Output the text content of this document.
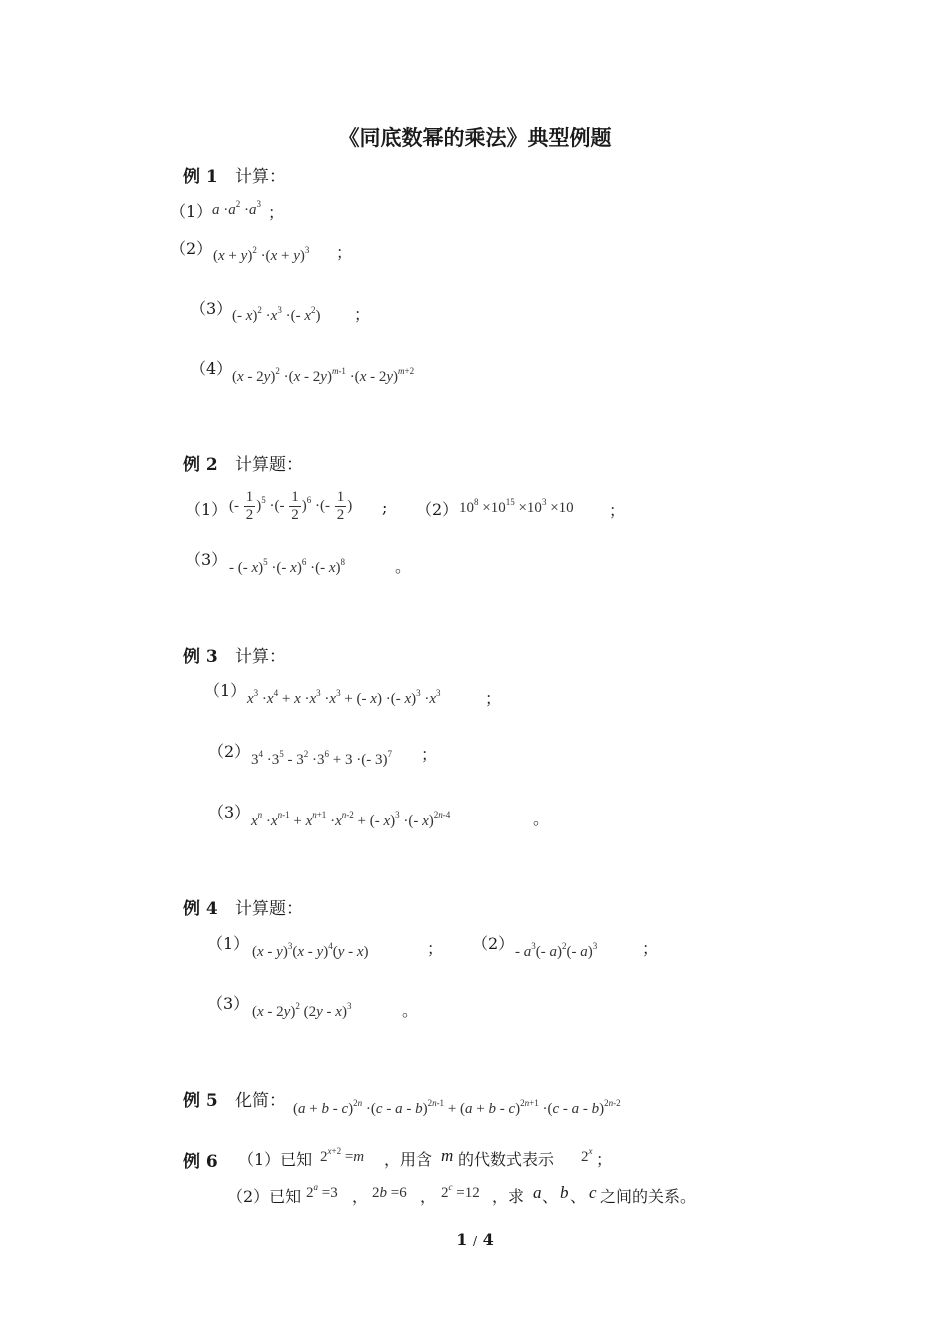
《同底数幂的乘法》典型例题
例 1 计算：
（1） $a \cdot a^2 \cdot a^3$ ；
（2） $(x + y)^2 \cdot(x + y)^3$ ；
（3） (- $x)^2 \cdot x^3$ ·(- $x^2$) ；
（4） (x - 2y)$^2$ ·(x - 2y)$^{m-1}$ ·(x - 2y)$^{m+2}$
例 2 计算题：
（1） (- $\frac{1}{2} )^5$ ·(- $\frac{1}{2} )^6$ ·(- $\frac{1}{2}$ ) ; （2） $10^8 \times 10^{15} \times 10^3 \times 10$ ；
（3） - (- x)$^5$ ·(- x)$^6$ ·(- x)$^8$	。
例 3 计算：
（1） $x^3 \cdot x^4 + x \cdot x^3 \cdot x^3$ + (- x) ·(- $x)^3 \cdot x^3$	；
（2） $3^4 \cdot 3^5 - 3^2 \cdot 3^6 + 3$ ·(- 3)$^7$ ；
（3） $x^n \cdot x^{n-1} + x^{n+1} \cdot x^{n-2}$ + (- x)$^3$ ·(- x)$^{2n-4}$	。
例 4 计算题：
（1） (x - y)$^3$(x - y)$^4$(y - x)	； $(2) - a^3(-$ a)$^2$(- a)$^3$	；
（3） (x - 2y)$^2$ (2y - x)$^3$	。
例 5 化简： $(a + b - c)^{2n} \cdot(c - a - b)^{2n-1} + (a + b - c)^{2n+1} \cdot(c - a - b)^{2n-2}$
例 6 （1）已知 $2^{x+2} =m$ ，用含 m 的代数式表示 2$^x$ ；
（2）已知 $2^a =3$ ， 2b =6 ， $2^c =12$ ，求 a 、 b 、 c 之间的关系。
1 / 4
